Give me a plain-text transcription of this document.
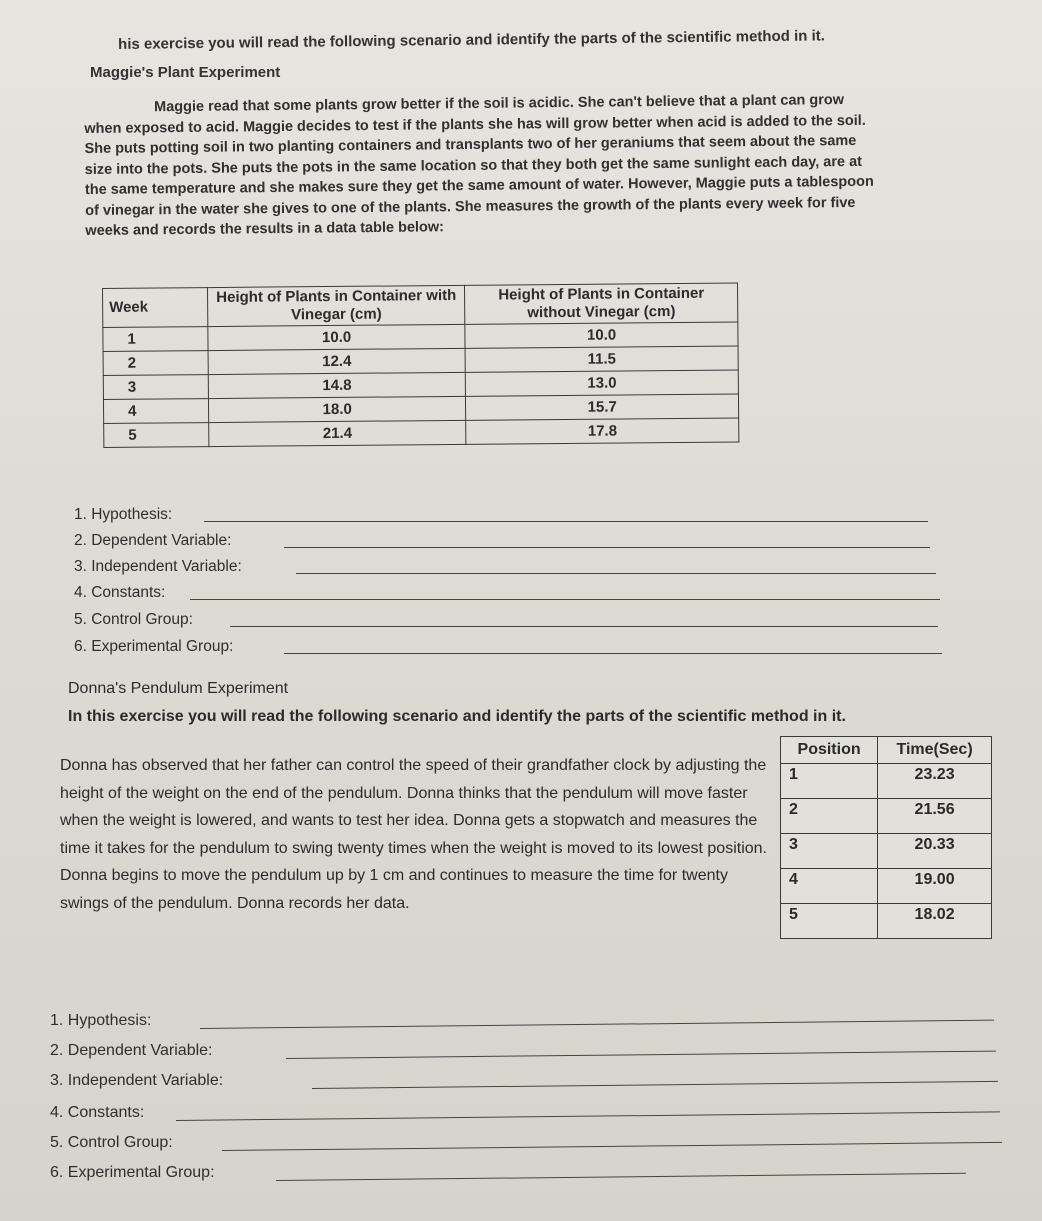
his exercise you will read the following scenario and identify the parts of the scientific method in it.
Maggie's Plant Experiment
Maggie read that some plants grow better if the soil is acidic. She can't believe that a plant can grow when exposed to acid. Maggie decides to test if the plants she has will grow better when acid is added to the soil. She puts potting soil in two planting containers and transplants two of her geraniums that seem about the same size into the pots. She puts the pots in the same location so that they both get the same sunlight each day, are at the same temperature and she makes sure they get the same amount of water. However, Maggie puts a tablespoon of vinegar in the water she gives to one of the plants. She measures the growth of the plants every week for five weeks and records the results in a data table below:
Week	Height of Plants in Container with Vinegar (cm)	Height of Plants in Container without Vinegar (cm)
1	10.0	10.0
2	12.4	11.5
3	14.8	13.0
4	18.0	15.7
5	21.4	17.8
1. Hypothesis:
2. Dependent Variable:
3. Independent Variable:
4. Constants:
5. Control Group:
6. Experimental Group:
Donna's Pendulum Experiment
In this exercise you will read the following scenario and identify the parts of the scientific method in it.
Donna has observed that her father can control the speed of their grandfather clock by adjusting the height of the weight on the end of the pendulum. Donna thinks that the pendulum will move faster when the weight is lowered, and wants to test her idea. Donna gets a stopwatch and measures the time it takes for the pendulum to swing twenty times when the weight is moved to its lowest position. Donna begins to move the pendulum up by 1 cm and continues to measure the time for twenty swings of the pendulum. Donna records her data.
Position	Time(Sec)
1	23.23
2	21.56
3	20.33
4	19.00
5	18.02
1. Hypothesis:
2. Dependent Variable:
3. Independent Variable:
4. Constants:
5. Control Group:
6. Experimental Group:
